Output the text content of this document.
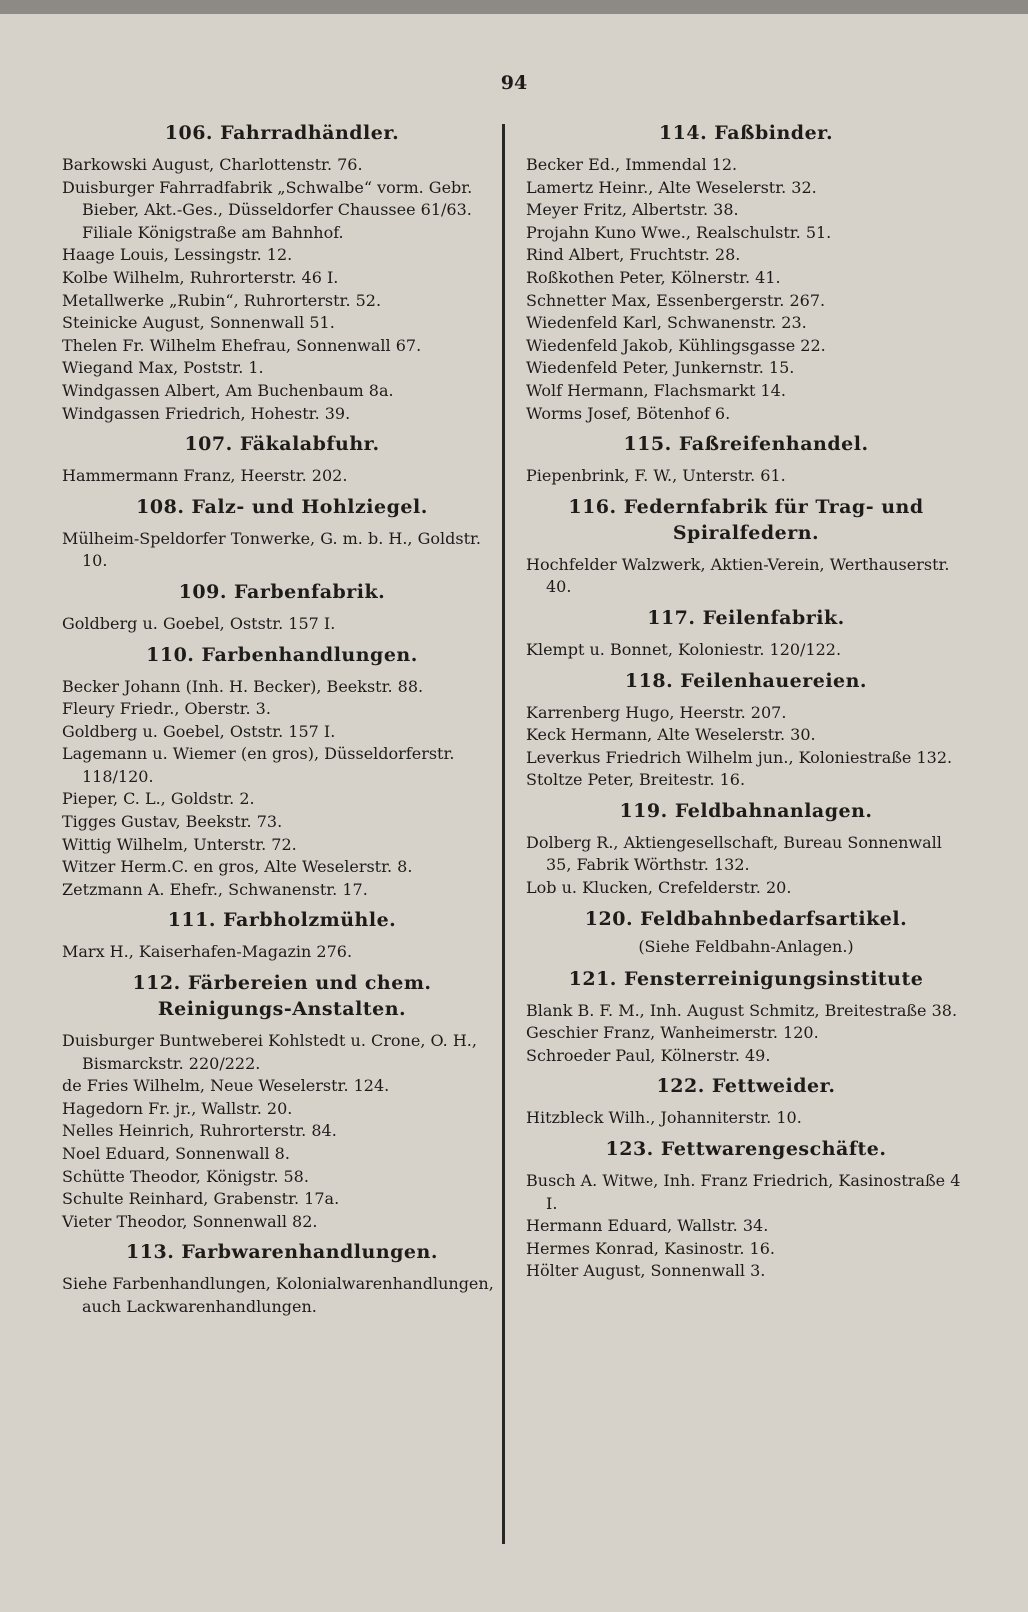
94
106. Fahrradhändler.
Barkowski August, Charlottenstr. 76.
Duisburger Fahrradfabrik „Schwalbe“ vorm. Gebr. Bieber, Akt.-Ges., Düsseldorfer Chaussee 61/63. Filiale Königstraße am Bahnhof.
Haage Louis, Lessingstr. 12.
Kolbe Wilhelm, Ruhrorterstr. 46 I.
Metallwerke „Rubin“, Ruhrorterstr. 52.
Steinicke August, Sonnenwall 51.
Thelen Fr. Wilhelm Ehefrau, Sonnenwall 67.
Wiegand Max, Poststr. 1.
Windgassen Albert, Am Buchenbaum 8a.
Windgassen Friedrich, Hohestr. 39.
107. Fäkalabfuhr.
Hammermann Franz, Heerstr. 202.
108. Falz- und Hohlziegel.
Mülheim-Speldorfer Tonwerke, G. m. b. H., Goldstr. 10.
109. Farbenfabrik.
Goldberg u. Goebel, Oststr. 157 I.
110. Farbenhandlungen.
Becker Johann (Inh. H. Becker), Beekstr. 88.
Fleury Friedr., Oberstr. 3.
Goldberg u. Goebel, Oststr. 157 I.
Lagemann u. Wiemer (en gros), Düsseldorferstr. 118/120.
Pieper, C. L., Goldstr. 2.
Tigges Gustav, Beekstr. 73.
Wittig Wilhelm, Unterstr. 72.
Witzer Herm.C. en gros, Alte Weselerstr. 8.
Zetzmann A. Ehefr., Schwanenstr. 17.
111. Farbholzmühle.
Marx H., Kaiserhafen-Magazin 276.
112. Färbereien und chem. Reinigungs-Anstalten.
Duisburger Buntweberei Kohlstedt u. Crone, O. H., Bismarckstr. 220/222.
de Fries Wilhelm, Neue Weselerstr. 124.
Hagedorn Fr. jr., Wallstr. 20.
Nelles Heinrich, Ruhrorterstr. 84.
Noel Eduard, Sonnenwall 8.
Schütte Theodor, Königstr. 58.
Schulte Reinhard, Grabenstr. 17a.
Vieter Theodor, Sonnenwall 82.
113. Farbwarenhandlungen.
Siehe Farbenhandlungen, Kolonialwarenhandlungen, auch Lackwarenhandlungen.
114. Faßbinder.
Becker Ed., Immendal 12.
Lamertz Heinr., Alte Weselerstr. 32.
Meyer Fritz, Albertstr. 38.
Projahn Kuno Wwe., Realschulstr. 51.
Rind Albert, Fruchtstr. 28.
Roßkothen Peter, Kölnerstr. 41.
Schnetter Max, Essenbergerstr. 267.
Wiedenfeld Karl, Schwanenstr. 23.
Wiedenfeld Jakob, Kühlingsgasse 22.
Wiedenfeld Peter, Junkernstr. 15.
Wolf Hermann, Flachsmarkt 14.
Worms Josef, Bötenhof 6.
115. Faßreifenhandel.
Piepenbrink, F. W., Unterstr. 61.
116. Federnfabrik für Trag- und Spiralfedern.
Hochfelder Walzwerk, Aktien-Verein, Werthauserstr. 40.
117. Feilenfabrik.
Klempt u. Bonnet, Koloniestr. 120/122.
118. Feilenhauereien.
Karrenberg Hugo, Heerstr. 207.
Keck Hermann, Alte Weselerstr. 30.
Leverkus Friedrich Wilhelm jun., Koloniestraße 132.
Stoltze Peter, Breitestr. 16.
119. Feldbahnanlagen.
Dolberg R., Aktiengesellschaft, Bureau Sonnenwall 35, Fabrik Wörthstr. 132.
Lob u. Klucken, Crefelderstr. 20.
120. Feldbahnbedarfsartikel.
(Siehe Feldbahn-Anlagen.)
121. Fensterreinigungsinstitute
Blank B. F. M., Inh. August Schmitz, Breitestraße 38.
Geschier Franz, Wanheimerstr. 120.
Schroeder Paul, Kölnerstr. 49.
122. Fettweider.
Hitzbleck Wilh., Johanniterstr. 10.
123. Fettwarengeschäfte.
Busch A. Witwe, Inh. Franz Friedrich, Kasinostraße 4 I.
Hermann Eduard, Wallstr. 34.
Hermes Konrad, Kasinostr. 16.
Hölter August, Sonnenwall 3.
